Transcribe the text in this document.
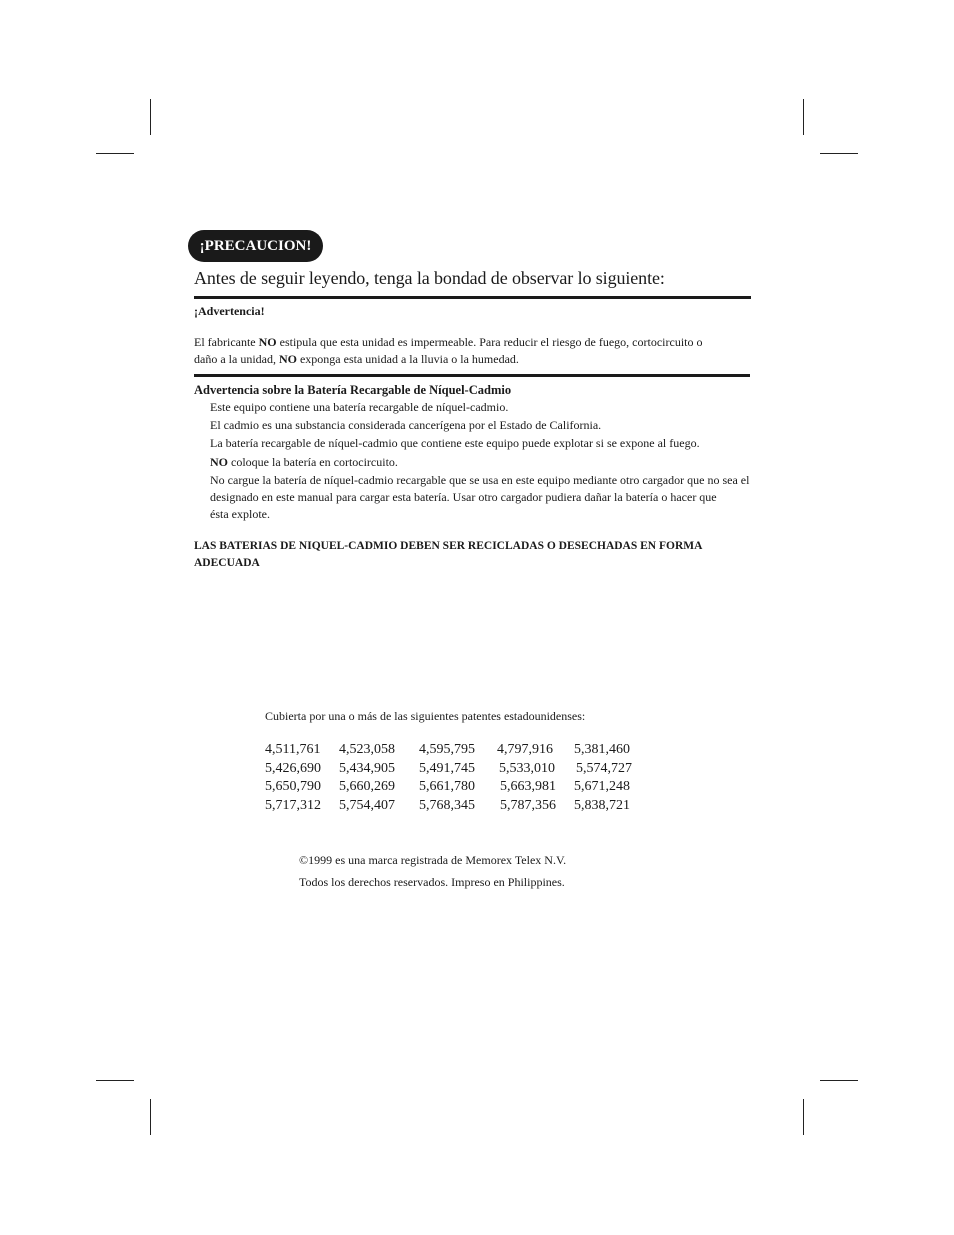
¡PRECAUCION!
Antes de seguir leyendo, tenga la bondad de observar lo siguiente:
¡Advertencia!
El fabricante NO estipula que esta unidad es impermeable. Para reducir el riesgo de fuego, cortocircuito o
daño a la unidad, NO exponga esta unidad a la lluvia o la humedad.
Advertencia sobre la Batería Recargable de Níquel-Cadmio
Este equipo contiene una batería recargable de níquel-cadmio.
El cadmio es una substancia considerada cancerígena por el Estado de California.
La batería recargable de níquel-cadmio que contiene este equipo puede explotar si se expone al fuego.
NO coloque la batería en cortocircuito.
No cargue la batería de níquel-cadmio recargable que se usa en este equipo mediante otro cargador que no sea el
designado en este manual para cargar esta batería. Usar otro cargador pudiera dañar la batería o hacer que
ésta explote.
LAS BATERIAS DE NIQUEL-CADMIO DEBEN SER RECICLADAS O DESECHADAS EN FORMA ADECUADA
Cubierta por una o más de las siguientes patentes estadounidenses:
4,511,761 4,523,058 4,595,795 4,797,916 5,381,460
5,426,690 5,434,905 5,491,745 5,533,010 5,574,727
5,650,790 5,660,269 5,661,780 5,663,981 5,671,248
5,717,312 5,754,407 5,768,345 5,787,356 5,838,721
©1999 es una marca registrada de Memorex Telex N.V.
Todos los derechos reservados. Impreso en Philippines.
